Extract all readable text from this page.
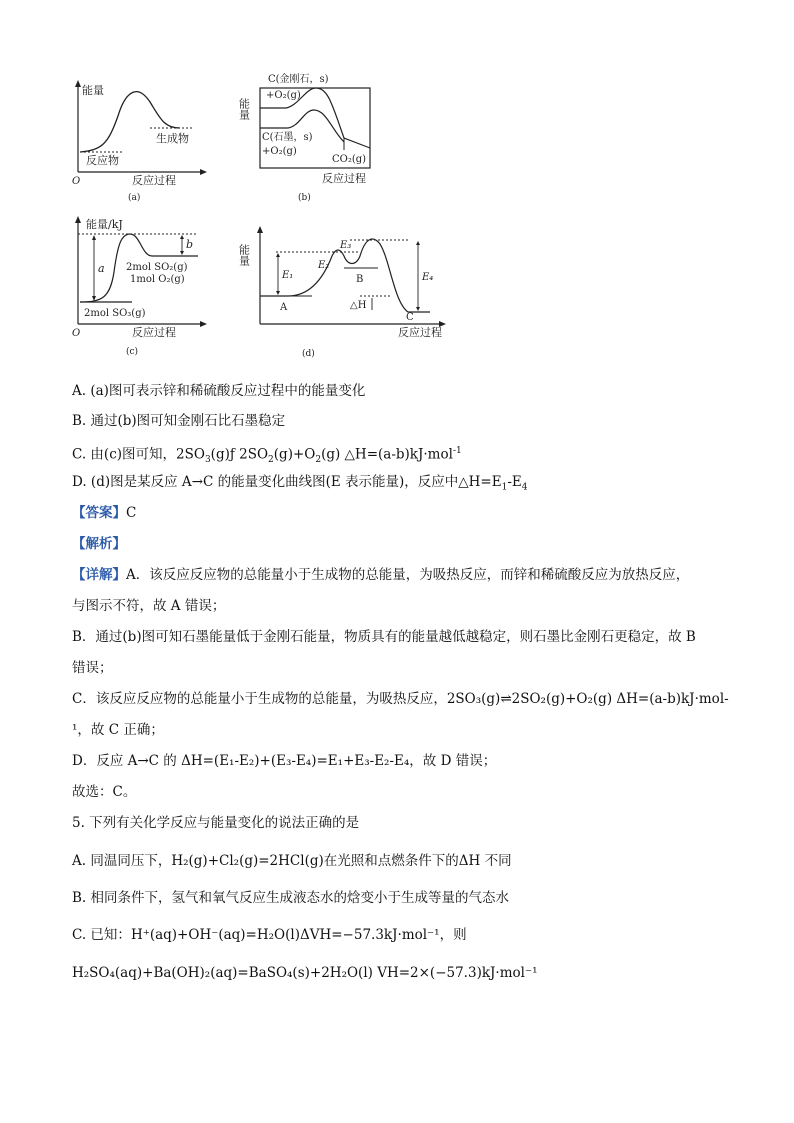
能量
生成物
反应物
O	反应过程
(a)
C(金刚石，s)
+O₂(g)
能量
C(石墨，s)
+O₂(g)
CO₂(g)
反应过程
(b)
能量/kJ
a
b
2mol SO₂(g)
1mol O₂(g)
2mol SO₃(g)
O	反应过程
(c)
能量
E₁
E₂
E₃
E₄
A
B
C
△H
反应过程
(d)
A. (a)图可表示锌和稀硫酸反应过程中的能量变化
B. 通过(b)图可知金刚石比石墨稳定
C. 由(c)图可知，$2SO_3(g)ƒ$ $2SO_2(g)+O_2(g)$ △H=(a-b)kJ·mol$^{-1}$
D. (d)图是某反应 A→C 的能量变化曲线图(E 表示能量)，反应中$\triangle H=E_1-E_4$
【答案】C
【解析】
【详解】A．该反应反应物的总能量小于生成物的总能量，为吸热反应，而锌和稀硫酸反应为放热反应，
与图示不符，故 A 错误；
B．通过(b)图可知石墨能量低于金刚石能量，物质具有的能量越低越稳定，则石墨比金刚石更稳定，故 B
错误；
C．该反应反应物的总能量小于生成物的总能量，为吸热反应，2SO₃(g)⇌2SO₂(g)+O₂(g) ΔH=(a-b)kJ·mol-
¹，故 C 正确；
D．反应 A→C 的 ΔH=(E₁-E₂)+(E₃-E₄)=E₁+E₃-E₂-E₄，故 D 错误；
故选：C。
5. 下列有关化学反应与能量变化的说法正确的是
A. 同温同压下，H₂(g)+Cl₂(g)=2HCl(g)在光照和点燃条件下的ΔH 不同
B. 相同条件下，氢气和氧气反应生成液态水的焓变小于生成等量的气态水
C. 已知：H⁺(aq)+OH⁻(aq)=H₂O(l)ΔVH=−57.3kJ·mol⁻¹，则
H₂SO₄(aq)+Ba(OH)₂(aq)=BaSO₄(s)+2H₂O(l) VH=2×(−57.3)kJ·mol⁻¹
